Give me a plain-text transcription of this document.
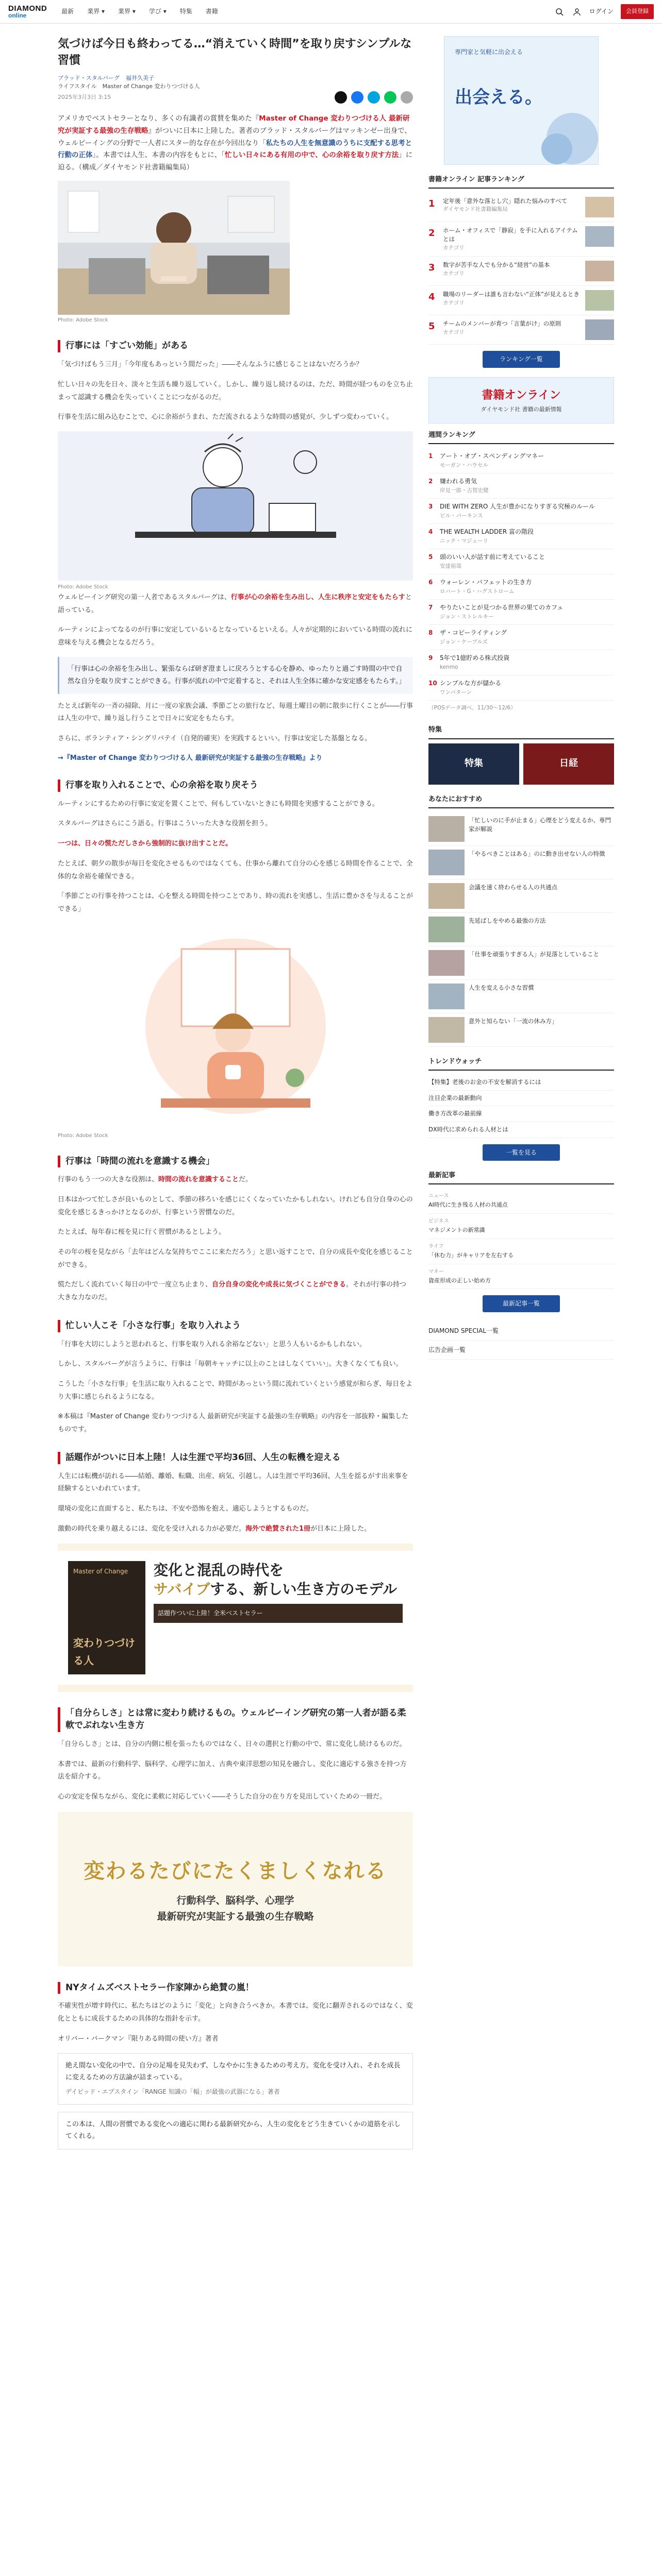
DIAMOND
online
最新 業界 ▾ 業界 ▾ 学び ▾ 特集 書籍	ログイン	会員登録
気づけば今日も終わってる…“消えていく時間”を取り戻すシンプルな習慣
ブラッド・スタルバーグ 福井久美子
ライフスタイル　Master of Change 変わりつづける人
2025年3月3日 3:15

アメリカでベストセラーとなり、多くの有識者の賞賛を集めた『Master of Change 変わりつづける人 最新研究が実証する最強の生存戦略』がついに日本に上陸した。著者のブラッド・スタルバーグはマッキンゼー出身で、ウェルビーイングの分野で一人者にスター的な存在が今回出なり「私たちの人生を無意識のうちに支配する思考と行動の正体」。本書では人生、本書の内容をもとに、「忙しい日々にある有用の中で、心の余裕を取り戻す方法」に迫る。（構成／ダイヤモンド社書籍編集局）

Photo: Adobe Stock
行事には「すごい効能」がある

「気づけばもう三月」「今年度もあっという間だった」――そんなふうに感じることはないだろうか？

忙しい日々の先を日々、淡々と生活も繰り返していく。しかし、繰り返し続けるのは、ただ、時間が経つものを立ち止まって認識する機会を失っていくことにつながるのだ。

行事を生活に組み込むことで、心に余裕がうまれ、ただ流されるような時間の感覚が、少しずつ変わっていく。

Photo: Adobe Stock

ウェルビーイング研究の第一人者であるスタルバーグは、行事が心の余裕を生み出し、人生に秩序と安定をもたらすと語っている。

ルーティンによってなるのが行事に安定しているいるとなっているといえる。人々が定期的においている時間の流れに意味を与える機会となるだろう。

「行事は心の余裕を生み出し、緊張ならば研ぎ澄ましに戻ろうとする心を静め、ゆったりと過ごす時間の中で自然な自分を取り戻すことができる。行事が流れの中で定着すると、それは人生全体に確かな安定感をもたらす。」

たとえば新年の一斉の掃除、月に一度の家族会議、季節ごとの旅行など、毎週土曜日の朝に散歩に行くことが――行事は人生の中で、繰り返し行うことで日々に安定をもたらす。

さらに、ボランティア・シングリバテイ（自発的確実）を実践するといい。行事は安定した基盤となる。

→『Master of Change 変わりつづける人 最新研究が実証する最強の生存戦略』より
行事を取り入れることで、心の余裕を取り戻そう

ルーティンにするための行事に安定を置くことで、何もしていないときにも時間を実感することができる。

スタルバーグはさらにこう語る。行事はこういった大きな役割を担う。

一つは、日々の慌ただしさから強制的に抜け出すことだ。

たとえば、朝夕の散歩が毎日を変化させるものではなくても、仕事から離れて自分の心を感じる時間を作ることで、全体的な余裕を確保できる。

「季節ごとの行事を持つことは、心を整える時間を持つことであり、時の流れを実感し、生活に豊かさを与えることができる」

Photo: Adobe Stock
行事は「時間の流れを意識する機会」

行事のもう一つの大きな役割は、時間の流れを意識することだ。

日本はかつて忙しさが良いものとして、季節の移ろいを感じにくくなっていたかもしれない。けれども自分自身の心の変化を感じるきっかけとなるのが、行事という習慣なのだ。

たとえば、毎年春に桜を見に行く習慣があるとしよう。

その年の桜を見ながら「去年はどんな気持ちでここに来ただろう」と思い返すことで、自分の成長や変化を感じることができる。

慌ただしく流れていく毎日の中で一度立ち止まり、自分自身の変化や成長に気づくことができる。それが行事の持つ大きな力なのだ。

忙しい人こそ「小さな行事」を取り入れよう

「行事を大切にしようと思われると、行事を取り入れる余裕などない」と思う人もいるかもしれない。

しかし、スタルバーグが言うように、行事は「毎朝キャッチに以上のことはしなくていい」。大きくなくても良い。

こうした「小さな行事」を生活に取り入れることで、時間があっという間に流れていくという感覚が和らぎ、毎日をより大事に感じられるようになる。

※本稿は『Master of Change 変わりつづける人 最新研究が実証する最強の生存戦略』の内容を一部抜粋・編集したものです。

話題作がついに日本上陸！人は生涯で平均36回、人生の転機を迎える

人生には転機が訪れる――結婚、離婚、転職、出産、病気、引越し。人は生涯で平均36回、人生を揺るがす出来事を経験するといわれています。

環境の変化に直面すると、私たちは、不安や恐怖を抱え、適応しようとするものだ。

激動の時代を乗り越えるには、変化を受け入れる力が必要だ。海外で絶賛された1冊が日本に上陸した。

Master of Change
変わりつづける人
変化と混乱の時代を
サバイブする、新しい生き方のモデル
話題作ついに上陸！全米ベストセラー
「自分らしさ」とは常に変わり続けるもの。ウェルビーイング研究の第一人者が語る柔軟でぶれない生き方

「自分らしさ」とは、自分の内側に根を張ったものではなく、日々の選択と行動の中で、常に変化し続けるものだ。

本書では、最新の行動科学、脳科学、心理学に加え、古典や東洋思想の知見を融合し、変化に適応する強さを持つ方法を紹介する。

心の安定を保ちながら、変化に柔軟に対応していく――そうした自分の在り方を見出していくための一冊だ。

変わるたびにたくましくなれる
行動科学、脳科学、心理学
最新研究が実証する最強の生存戦略
NYタイムズベストセラー作家陣から絶賛の嵐！

不確実性が増す時代に、私たちはどのように「変化」と向き合うべきか。本書では、変化に翻弄されるのではなく、変化とともに成長するための具体的な指針を示す。

オリバー・バークマン『限りある時間の使い方』著者

絶え間ない変化の中で、自分の足場を見失わず、しなやかに生きるための考え方。変化を受け入れ、それを成長に変えるための方法論が詰まっている。
デイビッド・エプスタイン「RANGE 知識の「幅」が最強の武器になる」著者
この本は、人間の習慣である変化への適応に関わる最新研究から、人生の変化をどう生きていくかの道筋を示してくれる。
専門家と気軽に出会える
出会える。
書籍オンライン 記事ランキング
1	定年後「意外な落とし穴」隠れた悩みのすべて
ダイヤモンド社書籍編集局
2	ホーム・オフィスで「静寂」を手に入れるアイテムとは
カテゴリ
3	数字が苦手な人でも分かる“経営”の基本
カテゴリ
4	職場のリーダーは誰も言わない“正体”が見えるとき
カテゴリ
5	チームのメンバーが育つ「言葉がけ」の原則
カテゴリ
ランキング一覧
書籍オンライン
ダイヤモンド社 書籍の最新情報
週間ランキング
1	アート・オブ・スペンディングマネー
モーガン・ハウセル
2	嫌われる勇気
岸見一郎・古賀史健
3	DIE WITH ZERO 人生が豊かになりすぎる究極のルール
ビル・パーキンス
4	THE WEALTH LADDER 富の階段
ニック・マジューリ
5	頭のいい人が話す前に考えていること
安達裕哉
6	ウォーレン・バフェットの生き方
ロバート・G・ハグストローム
7	やりたいことが見つかる世界の果てのカフェ
ジョン・ストレルキー
8	ザ・コピーライティング
ジョン・ケープルズ
9	5年で1億貯める株式投資
kenmo
10 シンプルな方が儲かる
ワンパターン
（POSデータ調べ、11/30〜12/6）
特集
特集	日経
あなたにおすすめ
「忙しいのに手が止まる」心理をどう変えるか、専門家が解説
「やるべきことはある」のに動き出せない人の特徴
会議を速く終わらせる人の共通点
先延ばしをやめる最強の方法
「仕事を頑張りすぎる人」が見落としていること
人生を変える小さな習慣
意外と知らない「一流の休み方」
トレンドウォッチ
【特集】老後のお金の不安を解消するには
注目企業の最新動向
働き方改革の最前線
DX時代に求められる人材とは
一覧を見る
最新記事
ニュース
AI時代に生き残る人材の共通点
ビジネス
マネジメントの新常識
ライフ
「休む力」がキャリアを左右する
マネー
資産形成の正しい始め方
最新記事一覧
DIAMOND SPECIAL一覧
広告企画一覧
